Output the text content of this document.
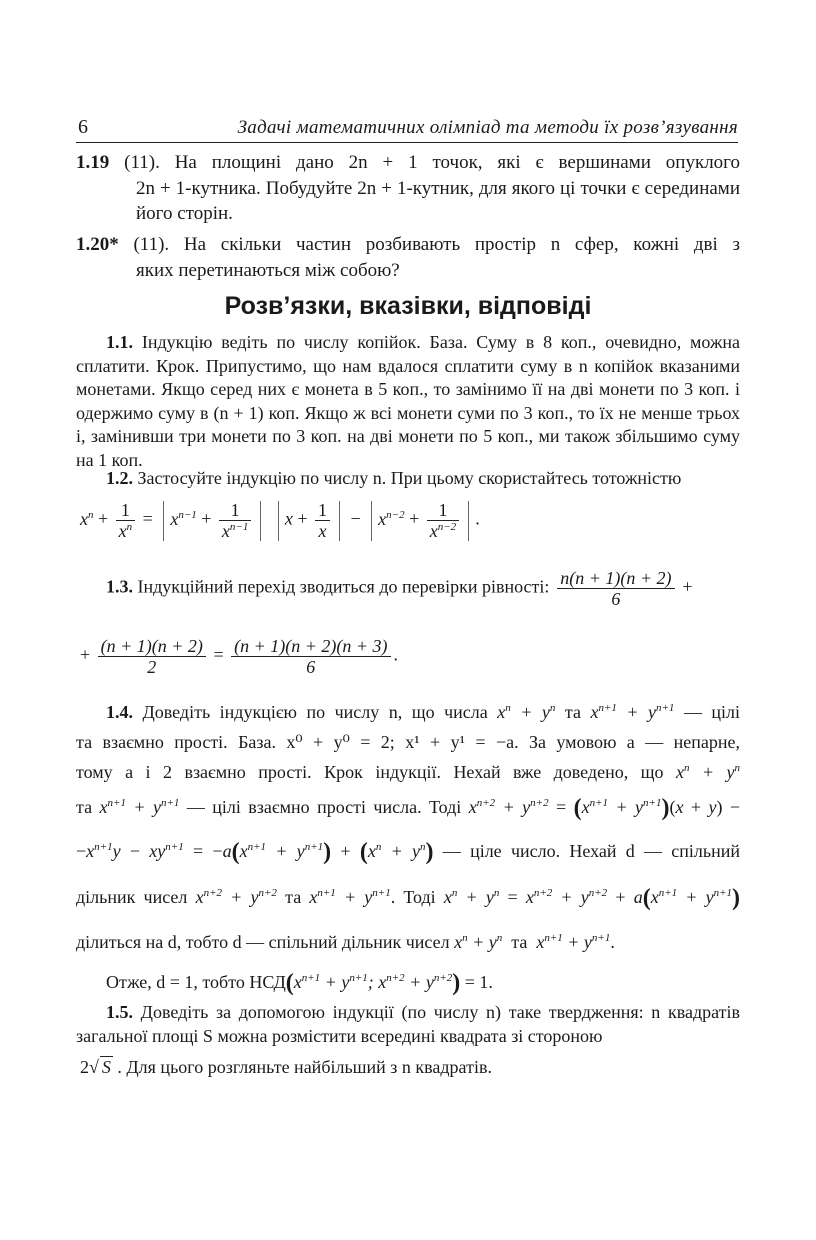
6	Задачі математичних олімпіад та методи їх розв’язування
1.19 (11). На площині дано 2n + 1 точок, які є вершинами опуклого
2n + 1-кутника. Побудуйте 2n + 1-кутник, для якого ці точки є серединами його сторін.
1.20* (11). На скільки частин розбивають простір n сфер, кожні дві з
яких перетинаються між собою?
Розв’язки, вказівки, відповіді
1.1. Індукцію ведіть по числу копійок. База. Суму в 8 коп., очевидно, можна сплатити. Крок. Припустимо, що нам вдалося сплатити суму в n копійок вказаними монетами. Якщо серед них є монета в 5 коп., то замінимо її на дві монети по 3 коп. і одержимо суму в (n + 1) коп. Якщо ж всі монети суми по 3 коп., то їх не менше трьох і, замінивши три монети по 3 коп. на дві монети по 5 коп., ми також збільшимо суму на 1 коп.
1.2. Застосуйте індукцію по числу n. При цьому скористайтесь тотожністю
$x^n + \frac{1}{x^n} = x^{n-1} + \frac{1}{x^{n-1}}$ $x + \frac{1}{x} - x^{n-2} + \frac{1}{x^{n-2}}$ .
1.3. Індукційний перехід зводиться до перевірки рівності: $\frac{n(n + 1)(n + 2)}{6}$ +
+ $\frac{(n + 1)(n + 2)}{2} = \frac{(n + 1)(n + 2)(n + 3)}{6}$ .
1.4. Доведіть індукцією по числу n, що числа $x^n + y^n$ та $x^{n+1} + y^{n+1}$ — цілі
та взаємно прості. База. x⁰ + y⁰ = 2; x¹ + y¹ = −a. За умовою a — непарне,
тому a і 2 взаємно прості. Крок індукції. Нехай вже доведено, що $x^n + y^n$
та $x^{n+1} + y^{n+1}$ — цілі взаємно прості числа. Тоді $x^{n+2} + y^{n+2} = (x^{n+1} + y^{n+1})(x + y)$ −
$-x^{n+1}y - xy^{n+1} = -a(x^{n+1} + y^{n+1}) + (x^n + y^n)$ — ціле число. Нехай d — спільний
дільник чисел $x^{n+2} + y^{n+2}$ та $x^{n+1} + y^{n+1}$. Тоді $x^n + y^n = x^{n+2} + y^{n+2} + a(x^{n+1} + y^{n+1})$
ділиться на d, тобто d — спільний дільник чисел $x^n + y^n$ та $x^{n+1} + y^{n+1}$.
Отже, d = 1, тобто $НСД(x^{n+1} + y^{n+1}$; $x^{n+2} + y^{n+2}) = 1$.
1.5. Доведіть за допомогою індукції (по числу n) таке твердження: n квадратів загальної площі S можна розмістити всередині квадрата зі стороною
2√ S . Для цього розгляньте найбільший з n квадратів.
